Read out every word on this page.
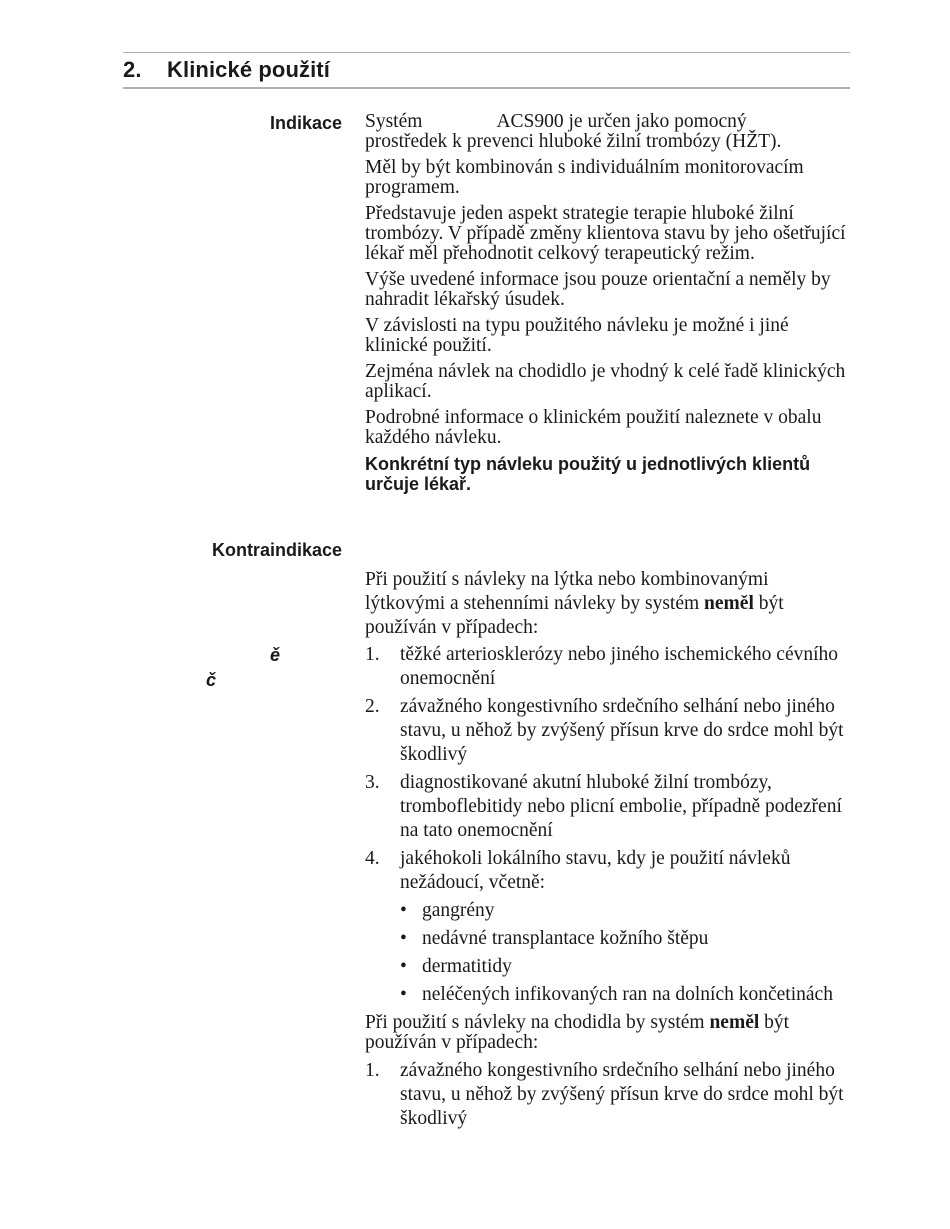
2. Klinické použití
Indikace Systém	ACS900 je určen jako pomocný
prostředek k prevenci hluboké žilní trombózy (HŽT).

Měl by být kombinován s individuálním monitorovacím programem.

Představuje jeden aspekt strategie terapie hluboké žilní trombózy. V případě změny klientova stavu by jeho ošetřující lékař měl přehodnotit celkový terapeutický režim.

Výše uvedené informace jsou pouze orientační a neměly by nahradit lékařský úsudek.

V závislosti na typu použitého návleku je možné i jiné klinické použití.

Zejména návlek na chodidlo je vhodný k celé řadě klinických aplikací.

Podrobné informace o klinickém použití naleznete v obalu každého návleku.

Konkrétní typ návleku použitý u jednotlivých klientů určuje lékař.

Kontraindikace
ě
č

Při použití s návleky na lýtka nebo kombinovanými lýtkovými a stehenními návleky by systém neměl být používán v případech:

1. těžké arteriosklerózy nebo jiného ischemického cévního onemocnění
2. závažného kongestivního srdečního selhání nebo jiného stavu, u něhož by zvýšený přísun krve do srdce mohl být škodlivý
3. diagnostikované akutní hluboké žilní trombózy, tromboflebitidy nebo plicní embolie, případně podezření na tato onemocnění
4. jakéhokoli lokálního stavu, kdy je použití návleků nežádoucí, včetně:
• gangrény
• nedávné transplantace kožního štěpu
• dermatitidy
• neléčených infikovaných ran na dolních končetinách

Při použití s návleky na chodidla by systém neměl být používán v případech:

1. závažného kongestivního srdečního selhání nebo jiného stavu, u něhož by zvýšený přísun krve do srdce mohl být škodlivý
